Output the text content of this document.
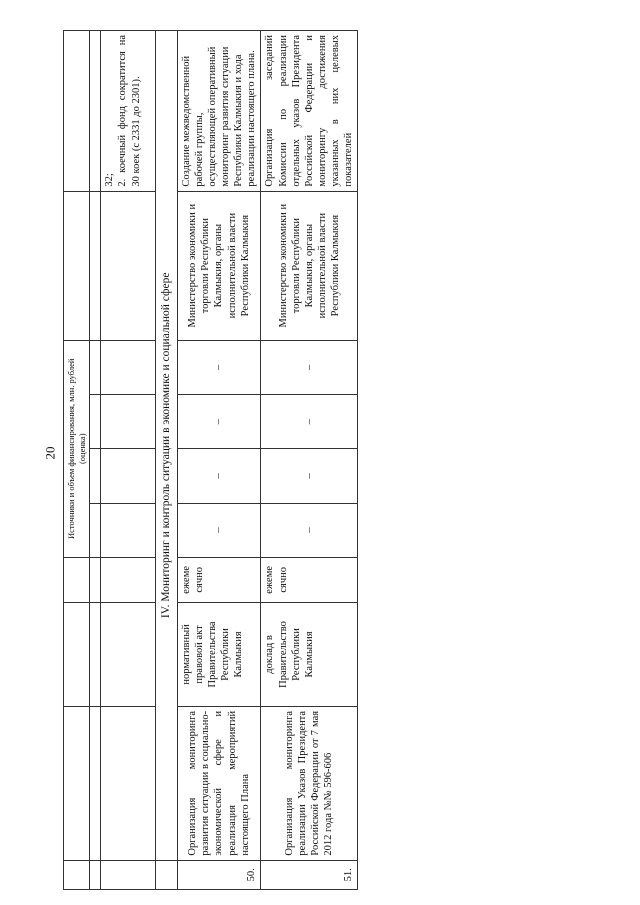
20
				Источники и объем финансирования, млн. рублей (оценка)					

									32;
2. коечный фонд сократится на 30 коек (с 2331 до 2301).
	IV. Мониторинг и контроль ситуации в экономике и социальной сфере								
50.	Организация мониторинга развития ситуации в социально-экономической сфере и реализация мероприятий настоящего Плана	нормативный правовой акт Правительства Республики Калмыкия	ежеме сячно	–	–	–	–	Министерство экономики и торговли Республики Калмыкия, органы исполнительной власти Республики Калмыкия	Создание межведомственной рабочей группы, осуществляющей оперативный мониторинг развития ситуации Республики Калмыкия и хода реализации настоящего плана.
51.	Организация мониторинга реализации Указов Президента Российской Федерации от 7 мая 2012 года №№ 596-606	доклад в Правительство Республики Калмыкия	ежеме сячно	–	–	–	–	Министерство экономики и торговли Республики Калмыкия, органы исполнительной власти Республики Калмыкия	Организация заседаний Комиссии по реализации отдельных указов Президента Российской Федерации и мониторингу достижения указанных в них целевых показателей
